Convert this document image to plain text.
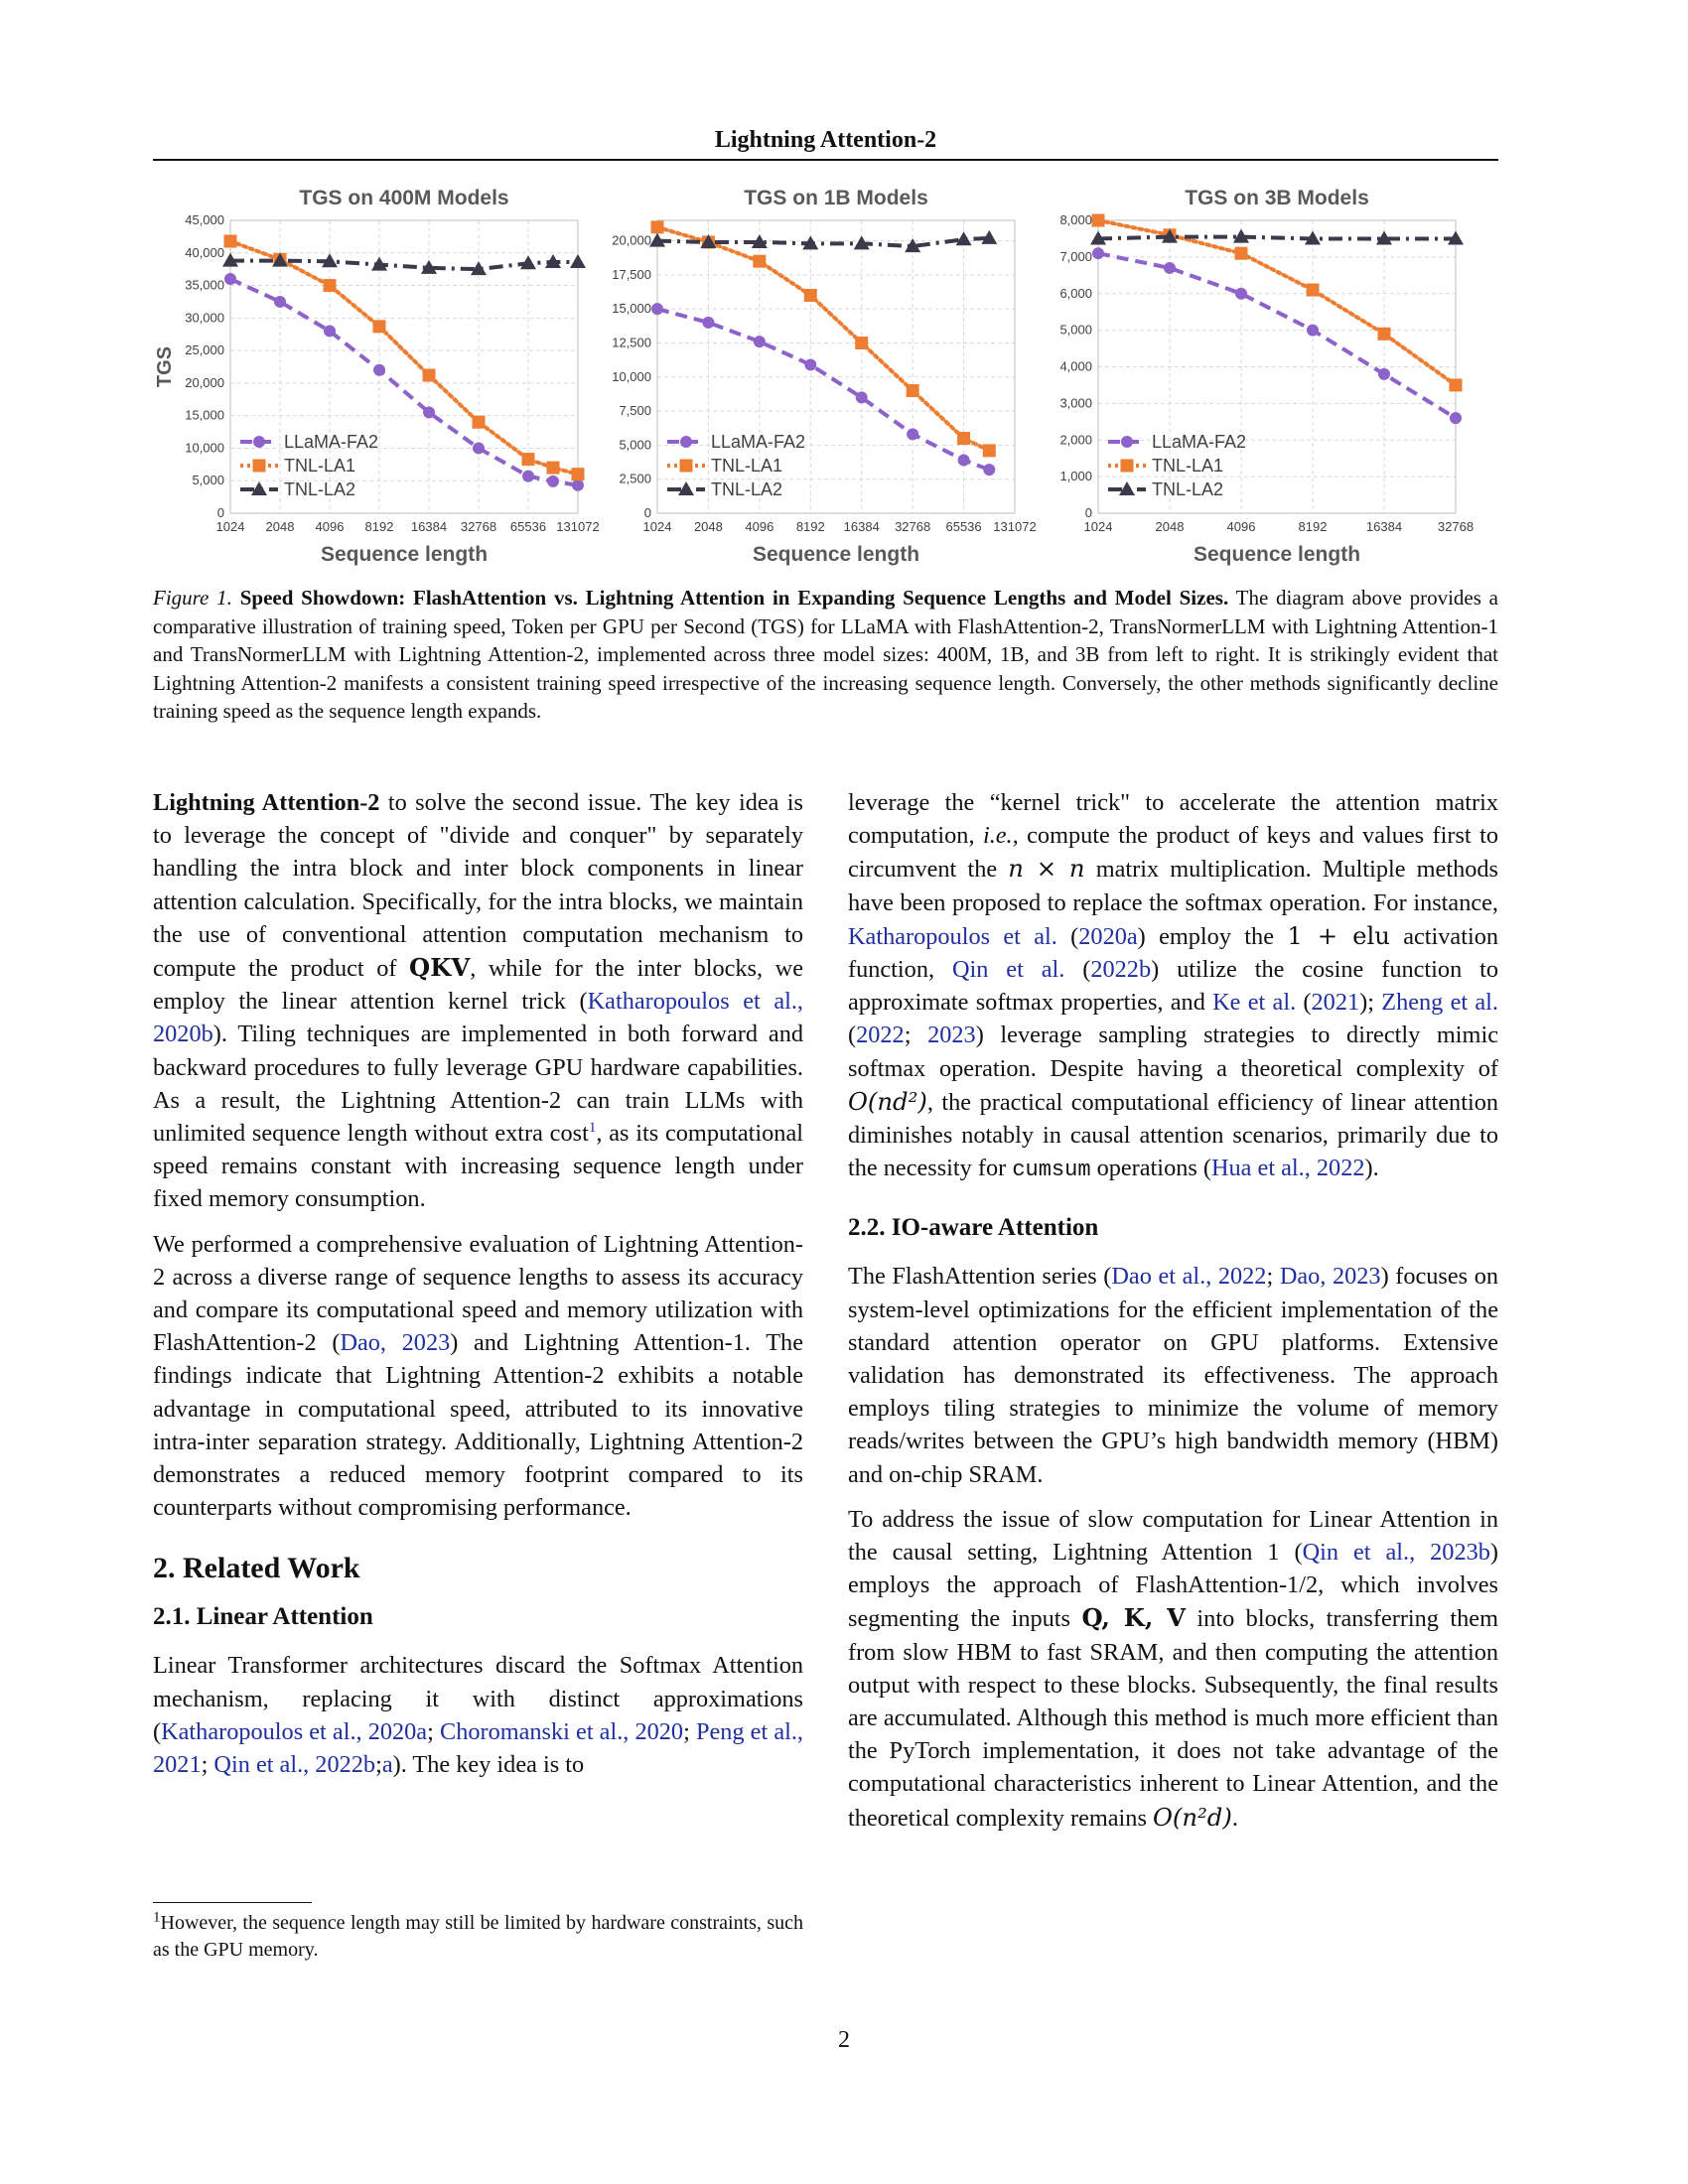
Lightning Attention-2
TGS on 400M Models
0
5,000
10,000
15,000
20,000
25,000
30,000
35,000
40,000
45,000
1024 2048 4096 8192 16384 32768 65536 131072
Sequence length
TGS
LLaMA-FA2
TNL-LA1
TNL-LA2
TGS on 1B Models
0
2,500
5,000
7,500
10,000
12,500
15,000
17,500
20,000
1024 2048 4096 8192 16384 32768 65536 131072
Sequence length
LLaMA-FA2
TNL-LA1
TNL-LA2
TGS on 3B Models
0
1,000
2,000
3,000
4,000
5,000
6,000
7,000
8,000
1024	2048	4096	8192	16384	32768
Sequence length
LLaMA-FA2
TNL-LA1
TNL-LA2
Figure 1. Speed Showdown: FlashAttention vs. Lightning Attention in Expanding Sequence Lengths and Model Sizes. The diagram above provides a comparative illustration of training speed, Token per GPU per Second (TGS) for LLaMA with FlashAttention-2, TransNormerLLM with Lightning Attention-1 and TransNormerLLM with Lightning Attention-2, implemented across three model sizes: 400M, 1B, and 3B from left to right. It is strikingly evident that Lightning Attention-2 manifests a consistent training speed irrespective of the increasing sequence length. Conversely, the other methods significantly decline training speed as the sequence length expands.

Lightning Attention-2 to solve the second issue. The key idea is to leverage the concept of "divide and conquer" by separately handling the intra block and inter block components in linear attention calculation. Specifically, for the intra blocks, we maintain the use of conventional attention computation mechanism to compute the product of QKV, while for the inter blocks, we employ the linear attention kernel trick (Katharopoulos et al., 2020b). Tiling techniques are implemented in both forward and backward procedures to fully leverage GPU hardware capabilities. As a result, the Lightning Attention-2 can train LLMs with unlimited sequence length without extra cost$^1$, as its computational speed remains constant with increasing sequence length under fixed memory consumption.

We performed a comprehensive evaluation of Lightning Attention-2 across a diverse range of sequence lengths to assess its accuracy and compare its computational speed and memory utilization with FlashAttention-2 (Dao, 2023) and Lightning Attention-1. The findings indicate that Lightning Attention-2 exhibits a notable advantage in computational speed, attributed to its innovative intra-inter separation strategy. Additionally, Lightning Attention-2 demonstrates a reduced memory footprint compared to its counterparts without compromising performance.

2. Related Work
2.1. Linear Attention

Linear Transformer architectures discard the Softmax Attention mechanism, replacing it with distinct approximations (Katharopoulos et al., 2020a; Choromanski et al., 2020; Peng et al., 2021; Qin et al., 2022b;a). The key idea is to

$^1$However, the sequence length may still be limited by hardware constraints, such as the GPU memory.

leverage the “kernel trick" to accelerate the attention matrix computation, i.e., compute the product of keys and values first to circumvent the n × n matrix multiplication. Multiple methods have been proposed to replace the softmax operation. For instance, Katharopoulos et al. (2020a) employ the 1 + elu activation function, Qin et al. (2022b) utilize the cosine function to approximate softmax properties, and Ke et al. (2021); Zheng et al. (2022; 2023) leverage sampling strategies to directly mimic softmax operation. Despite having a theoretical complexity of O(nd²), the practical computational efficiency of linear attention diminishes notably in causal attention scenarios, primarily due to the necessity for cumsum operations (Hua et al., 2022).

2.2. IO-aware Attention

The FlashAttention series (Dao et al., 2022; Dao, 2023) focuses on system-level optimizations for the efficient implementation of the standard attention operator on GPU platforms. Extensive validation has demonstrated its effectiveness. The approach employs tiling strategies to minimize the volume of memory reads/writes between the GPU’s high bandwidth memory (HBM) and on-chip SRAM.

To address the issue of slow computation for Linear Attention in the causal setting, Lightning Attention 1 (Qin et al., 2023b) employs the approach of FlashAttention-1/2, which involves segmenting the inputs Q, K, V into blocks, transferring them from slow HBM to fast SRAM, and then computing the attention output with respect to these blocks. Subsequently, the final results are accumulated. Although this method is much more efficient than the PyTorch implementation, it does not take advantage of the computational characteristics inherent to Linear Attention, and the theoretical complexity remains O(n²d).

2
